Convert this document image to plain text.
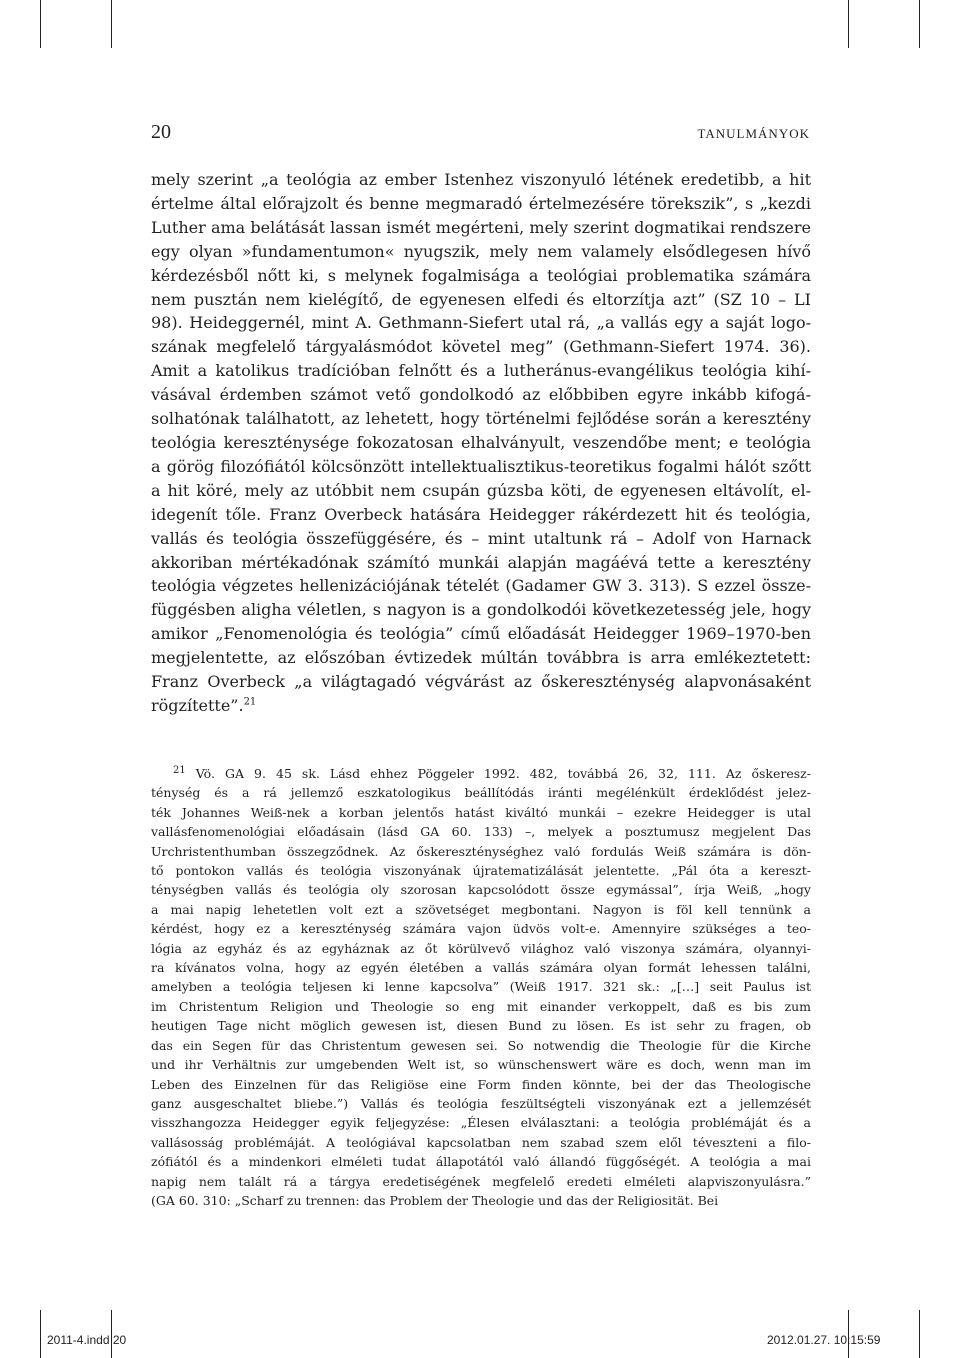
20	TANULMÁNYOK
mely szerint „a teológia az ember Istenhez viszonyuló létének eredetibb, a hit
értelme által előrajzolt és benne megmaradó értelmezésére törekszik”, s „kezdi
Luther ama belátását lassan ismét megérteni, mely szerint dogmatikai rendszere
egy olyan »fundamentumon« nyugszik, mely nem valamely elsődlegesen hívő
kérdezésből nőtt ki, s melynek fogalmisága a teológiai problematika számára
nem pusztán nem kielégítő, de egyenesen elfedi és eltorzítja azt” (SZ 10 – LI
98). Heideggernél, mint A. Gethmann-Siefert utal rá, „a vallás egy a saját logo-
szának megfelelő tárgyalásmódot követel meg” (Gethmann-Siefert 1974. 36).
Amit a katolikus tradícióban felnőtt és a lutheránus-evangélikus teológia kihí-
vásával érdemben számot vető gondolkodó az előbbiben egyre inkább kifogá-
solhatónak találhatott, az lehetett, hogy történelmi fejlődése során a keresztény
teológia kereszténysége fokozatosan elhalványult, veszendőbe ment; e teológia
a görög filozófiától kölcsönzött intellektualisztikus-teoretikus fogalmi hálót szőtt
a hit köré, mely az utóbbit nem csupán gúzsba köti, de egyenesen eltávolít, el-
idegenít tőle. Franz Overbeck hatására Heidegger rákérdezett hit és teológia,
vallás és teológia összefüggésére, és – mint utaltunk rá – Adolf von Harnack
akkoriban mértékadónak számító munkái alapján magáévá tette a keresztény
teológia végzetes hellenizációjának tételét (Gadamer GW 3. 313). S ezzel össze-
függésben aligha véletlen, s nagyon is a gondolkodói következetesség jele, hogy
amikor „Fenomenológia és teológia” című előadását Heidegger 1969–1970-ben
megjelentette, az előszóban évtizedek múltán továbbra is arra emlékeztetett:
Franz Overbeck „a világtagadó végvárást az őskereszténység alapvonásaként
rögzítette”.$^{21}$
$^{21}$ Vö. GA 9. 45 sk. Lásd ehhez Pöggeler 1992. 482, továbbá 26, 32, 111. Az őskeresz-
ténység és a rá jellemző eszkatologikus beállítódás iránti megélénkült érdeklődést jelez-
ték Johannes Weiß-nek a korban jelentős hatást kiváltó munkái – ezekre Heidegger is utal
vallásfenomenológiai előadásain (lásd GA 60. 133) –, melyek a posztumusz megjelent Das
Urchristenthumban összegződnek. Az őskereszténységhez való fordulás Weiß számára is dön-
tő pontokon vallás és teológia viszonyának újratematizálását jelentette. „Pál óta a kereszt-
ténységben vallás és teológia oly szorosan kapcsolódott össze egymással”, írja Weiß, „hogy
a mai napig lehetetlen volt ezt a szövetséget megbontani. Nagyon is föl kell tennünk a
kérdést, hogy ez a kereszténység számára vajon üdvös volt-e. Amennyire szükséges a teo-
lógia az egyház és az egyháznak az őt körülvevő világhoz való viszonya számára, olyannyi-
ra kívánatos volna, hogy az egyén életében a vallás számára olyan formát lehessen találni,
amelyben a teológia teljesen ki lenne kapcsolva” (Weiß 1917. 321 sk.: „[…] seit Paulus ist
im Christentum Religion und Theologie so eng mit einander verkoppelt, daß es bis zum
heutigen Tage nicht möglich gewesen ist, diesen Bund zu lösen. Es ist sehr zu fragen, ob
das ein Segen für das Christentum gewesen sei. So notwendig die Theologie für die Kirche
und ihr Verhältnis zur umgebenden Welt ist, so wünschenswert wäre es doch, wenn man im
Leben des Einzelnen für das Religiöse eine Form finden könnte, bei der das Theologische
ganz ausgeschaltet bliebe.”) Vallás és teológia feszültségteli viszonyának ezt a jellemzését
visszhangozza Heidegger egyik feljegyzése: „Élesen elválasztani: a teológia problémáját és a
vallásosság problémáját. A teológiával kapcsolatban nem szabad szem elől téveszteni a filo-
zófiától és a mindenkori elméleti tudat állapotától való állandó függőségét. A teológia a mai
napig nem talált rá a tárgya eredetiségének megfelelő eredeti elméleti alapviszonyulásra.”
(GA 60. 310: „Scharf zu trennen: das Problem der Theologie und das der Religiosität. Bei
2011-4.indd 20	2012.01.27. 10:15:59
